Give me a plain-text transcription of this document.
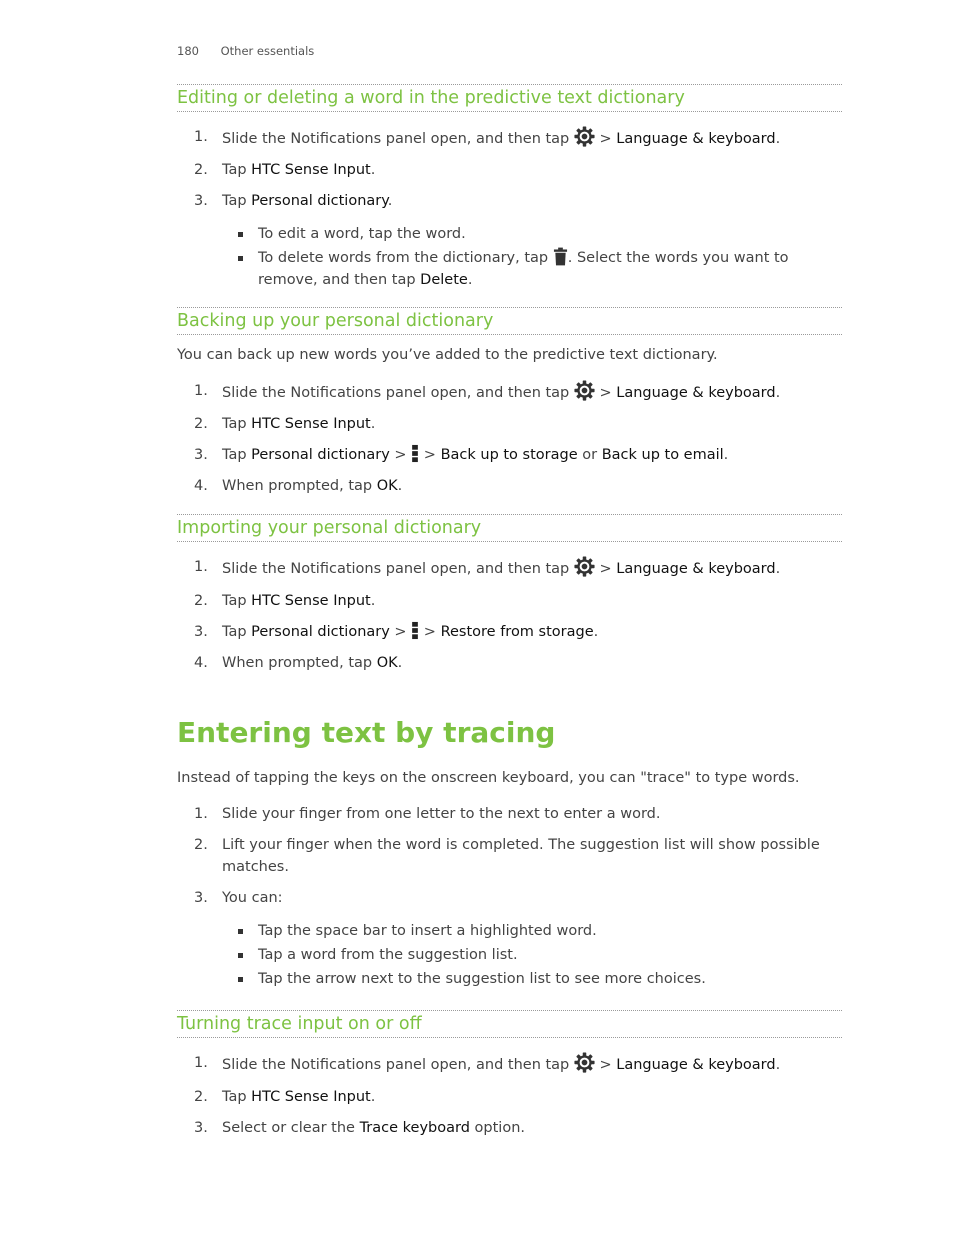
180 Other essentials
Editing or deleting a word in the predictive text dictionary
1. Slide the Notifications panel open, and then tap > Language & keyboard.
2. Tap HTC Sense Input.
3. Tap Personal dictionary.
To edit a word, tap the word.
To delete words from the dictionary, tap . Select the words you want to remove, and then tap Delete.
Backing up your personal dictionary

You can back up new words you’ve added to the predictive text dictionary.

1. Slide the Notifications panel open, and then tap > Language & keyboard.
2. Tap HTC Sense Input.
3. Tap Personal dictionary > > Back up to storage or Back up to email.
4. When prompted, tap OK.
Importing your personal dictionary
1. Slide the Notifications panel open, and then tap > Language & keyboard.
2. Tap HTC Sense Input.
3. Tap Personal dictionary > > Restore from storage.
4. When prompted, tap OK.
Entering text by tracing

Instead of tapping the keys on the onscreen keyboard, you can "trace" to type words.

1. Slide your finger from one letter to the next to enter a word.
2. Lift your finger when the word is completed. The suggestion list will show possible matches.
3. You can:
Tap the space bar to insert a highlighted word.
Tap a word from the suggestion list.
Tap the arrow next to the suggestion list to see more choices.
Turning trace input on or off
1. Slide the Notifications panel open, and then tap > Language & keyboard.
2. Tap HTC Sense Input.
3. Select or clear the Trace keyboard option.
